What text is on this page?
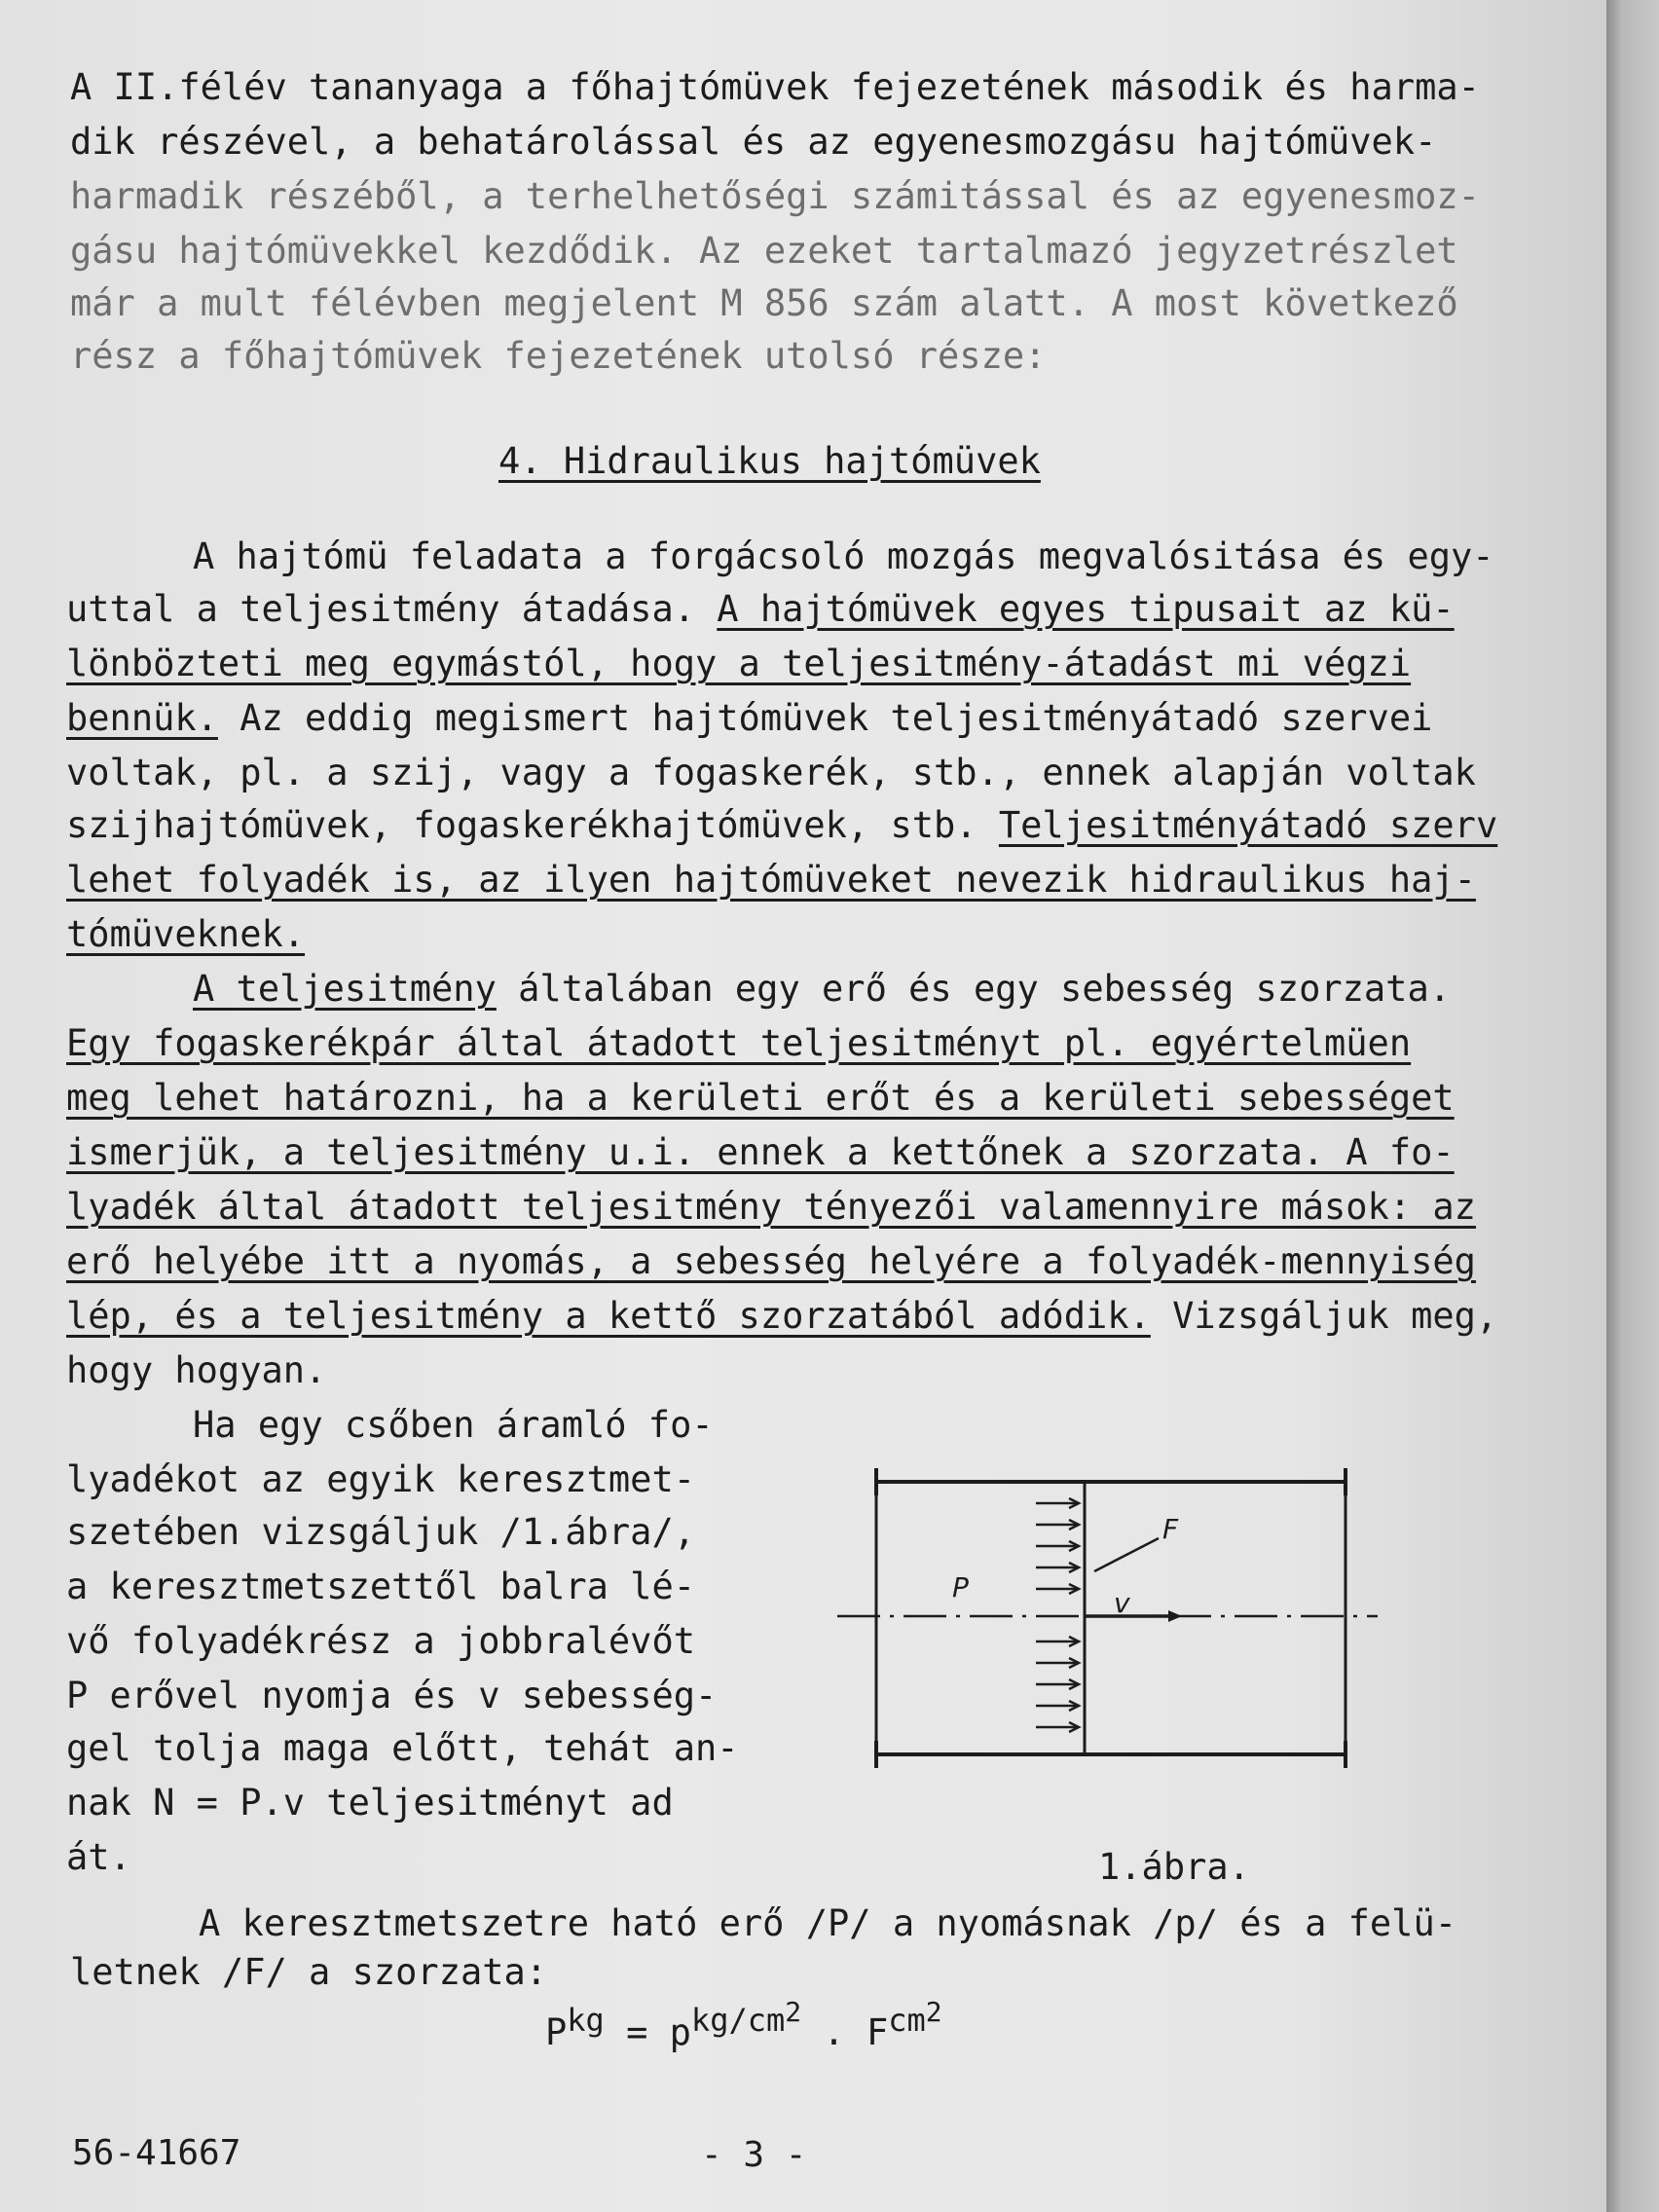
A II.félév tananyaga a főhajtómüvek fejezetének második és harma-
dik részével, a behatárolással és az egyenesmozgásu hajtómüvek-
harmadik részéből, a terhelhetőségi számitással és az egyenesmoz-
gásu hajtómüvekkel kezdődik. Az ezeket tartalmazó jegyzetrészlet
már a mult félévben megjelent M 856 szám alatt. A most következő
rész a főhajtómüvek fejezetének utolsó része:
4. Hidraulikus hajtómüvek
A hajtómü feladata a forgácsoló mozgás megvalósitása és egy-
uttal a teljesitmény átadása. A hajtómüvek egyes tipusait az kü-
lönbözteti meg egymástól, hogy a teljesitmény-átadást mi végzi
bennük. Az eddig megismert hajtómüvek teljesitményátadó szervei
voltak, pl. a szij, vagy a fogaskerék, stb., ennek alapján voltak
szijhajtómüvek, fogaskerékhajtómüvek, stb. Teljesitményátadó szerv
lehet folyadék is, az ilyen hajtómüveket nevezik hidraulikus haj-
tómüveknek.
A teljesitmény általában egy erő és egy sebesség szorzata.
Egy fogaskerékpár által átadott teljesitményt pl. egyértelmüen
meg lehet határozni, ha a kerületi erőt és a kerületi sebességet
ismerjük, a teljesitmény u.i. ennek a kettőnek a szorzata. A fo-
lyadék által átadott teljesitmény tényezői valamennyire mások: az
erő helyébe itt a nyomás, a sebesség helyére a folyadék-mennyiség
lép, és a teljesitmény a kettő szorzatából adódik. Vizsgáljuk meg,
hogy hogyan.
Ha egy csőben áramló fo-
lyadékot az egyik keresztmet-
szetében vizsgáljuk /1.ábra/,
a keresztmetszettől balra lé-
vő folyadékrész a jobbralévőt
P erővel nyomja és v sebesség-
gel tolja maga előtt, tehát an-
nak N = P.v teljesitményt ad
át.
P
F
v
1.ábra.
A keresztmetszetre ható erő /P/ a nyomásnak /p/ és a felü-
letnek /F/ a szorzata:
$P^{kg} = p^{kg/cm2}$ . $F^{cm2}$
56-41667	- 3 -
